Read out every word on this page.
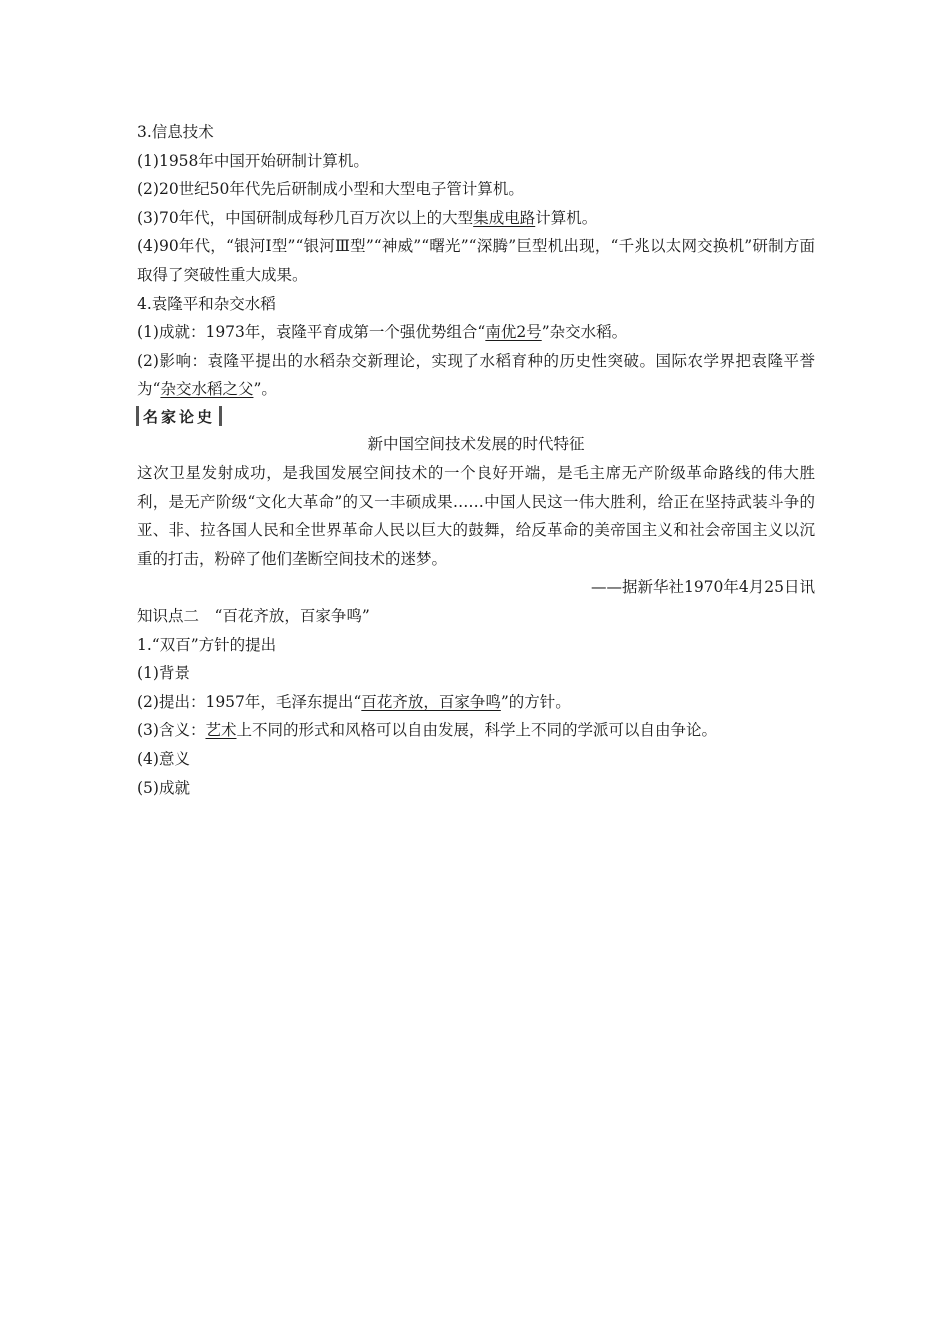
3.信息技术
(1)1958年中国开始研制计算机。
(2)20世纪50年代先后研制成小型和大型电子管计算机。
(3)70年代，中国研制成每秒几百万次以上的大型集成电路计算机。
(4)90年代，“银河Ⅰ型”“银河Ⅲ型”“神威”“曙光”“深腾”巨型机出现，“千兆以太网交换机”研制方面取得了突破性重大成果。
4.袁隆平和杂交水稻
(1)成就：1973年，袁隆平育成第一个强优势组合“南优2号”杂交水稻。
(2)影响：袁隆平提出的水稻杂交新理论，实现了水稻育种的历史性突破。国际农学界把袁隆平誉为“杂交水稻之父”。
名家论史
新中国空间技术发展的时代特征
这次卫星发射成功，是我国发展空间技术的一个良好开端，是毛主席无产阶级革命路线的伟大胜利，是无产阶级“文化大革命”的又一丰硕成果……中国人民这一伟大胜利，给正在坚持武装斗争的亚、非、拉各国人民和全世界革命人民以巨大的鼓舞，给反革命的美帝国主义和社会帝国主义以沉重的打击，粉碎了他们垄断空间技术的迷梦。
——据新华社1970年4月25日讯
知识点二　“百花齐放，百家争鸣”
1.“双百”方针的提出
(1)背景
(2)提出：1957年，毛泽东提出“百花齐放，百家争鸣”的方针。
(3)含义：艺术上不同的形式和风格可以自由发展，科学上不同的学派可以自由争论。
(4)意义
(5)成就
